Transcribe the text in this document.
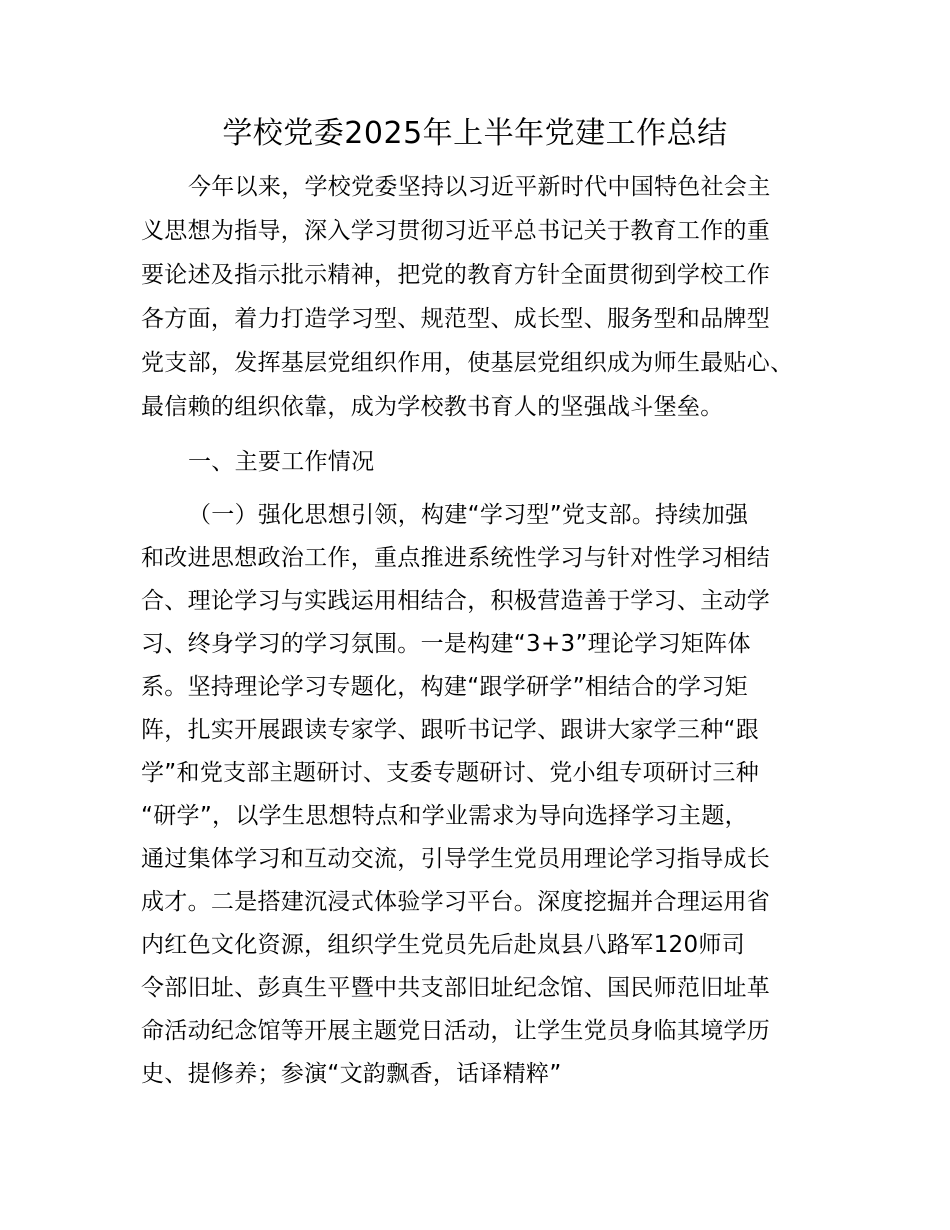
学校党委2025年上半年党建工作总结
今年以来，学校党委坚持以习近平新时代中国特色社会主
义思想为指导，深入学习贯彻习近平总书记关于教育工作的重
要论述及指示批示精神，把党的教育方针全面贯彻到学校工作
各方面，着力打造学习型、规范型、成长型、服务型和品牌型
党支部，发挥基层党组织作用，使基层党组织成为师生最贴心、
最信赖的组织依靠，成为学校教书育人的坚强战斗堡垒。
一、主要工作情况
（一）强化思想引领，构建“学习型”党支部。持续加强
和改进思想政治工作，重点推进系统性学习与针对性学习相结
合、理论学习与实践运用相结合，积极营造善于学习、主动学
习、终身学习的学习氛围。一是构建“3+3”理论学习矩阵体
系。坚持理论学习专题化，构建“跟学研学”相结合的学习矩
阵，扎实开展跟读专家学、跟听书记学、跟讲大家学三种“跟
学”和党支部主题研讨、支委专题研讨、党小组专项研讨三种
“研学”，以学生思想特点和学业需求为导向选择学习主题，
通过集体学习和互动交流，引导学生党员用理论学习指导成长
成才。二是搭建沉浸式体验学习平台。深度挖掘并合理运用省
内红色文化资源，组织学生党员先后赴岚县八路军120师司
令部旧址、彭真生平暨中共支部旧址纪念馆、国民师范旧址革
命活动纪念馆等开展主题党日活动，让学生党员身临其境学历
史、提修养；参演“文韵飘香，话译精粹”
